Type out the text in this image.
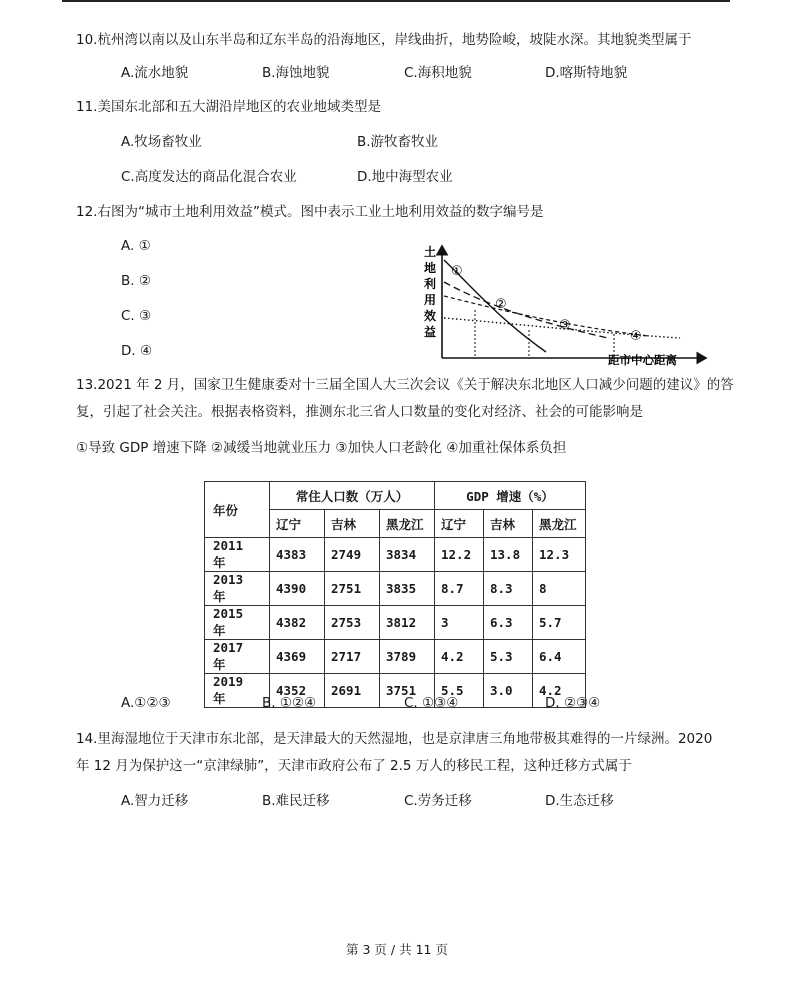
10.杭州湾以南以及山东半岛和辽东半岛的沿海地区，岸线曲折，地势险峻，坡陡水深。其地貌类型属于
A.流水地貌	B.海蚀地貌	C.海积地貌	D.喀斯特地貌
11.美国东北部和五大湖沿岸地区的农业地域类型是
A.牧场畜牧业	B.游牧畜牧业
C.高度发达的商品化混合农业	D.地中海型农业
12.右图为“城市土地利用效益”模式。图中表示工业土地利用效益的数字编号是
A. ①
B. ②
C. ③
D. ④
土
地
利
用
效
益
距市中心距离
①
②
③
④
13.2021 年 2 月，国家卫生健康委对十三届全国人大三次会议《关于解决东北地区人口减少问题的建议》的答
复，引起了社会关注。根据表格资料，推测东北三省人口数量的变化对经济、社会的可能影响是
①导致 GDP 增速下降 ②减缓当地就业压力 ③加快人口老龄化 ④加重社保体系负担
年份	常住人口数（万人）			GDP 增速（%）		
	辽宁	吉林	黑龙江	辽宁	吉林	黑龙江
2011 年	4383	2749	3834	12.2	13.8	12.3
2013 年	4390	2751	3835	8.7	8.3	8
2015 年	4382	2753	3812	3	6.3	5.7
2017 年	4369	2717	3789	4.2	5.3	6.4
2019 年	4352	2691	3751	5.5	3.0	4.2
A.①②③	B. ①②④	C. ①③④	D. ②③④
14.里海湿地位于天津市东北部，是天津最大的天然湿地，也是京津唐三角地带极其难得的一片绿洲。2020
年 12 月为保护这一“京津绿肺”，天津市政府公布了 2.5 万人的移民工程，这种迁移方式属于
A.智力迁移	B.难民迁移	C.劳务迁移	D.生态迁移
第 3 页 / 共 11 页
